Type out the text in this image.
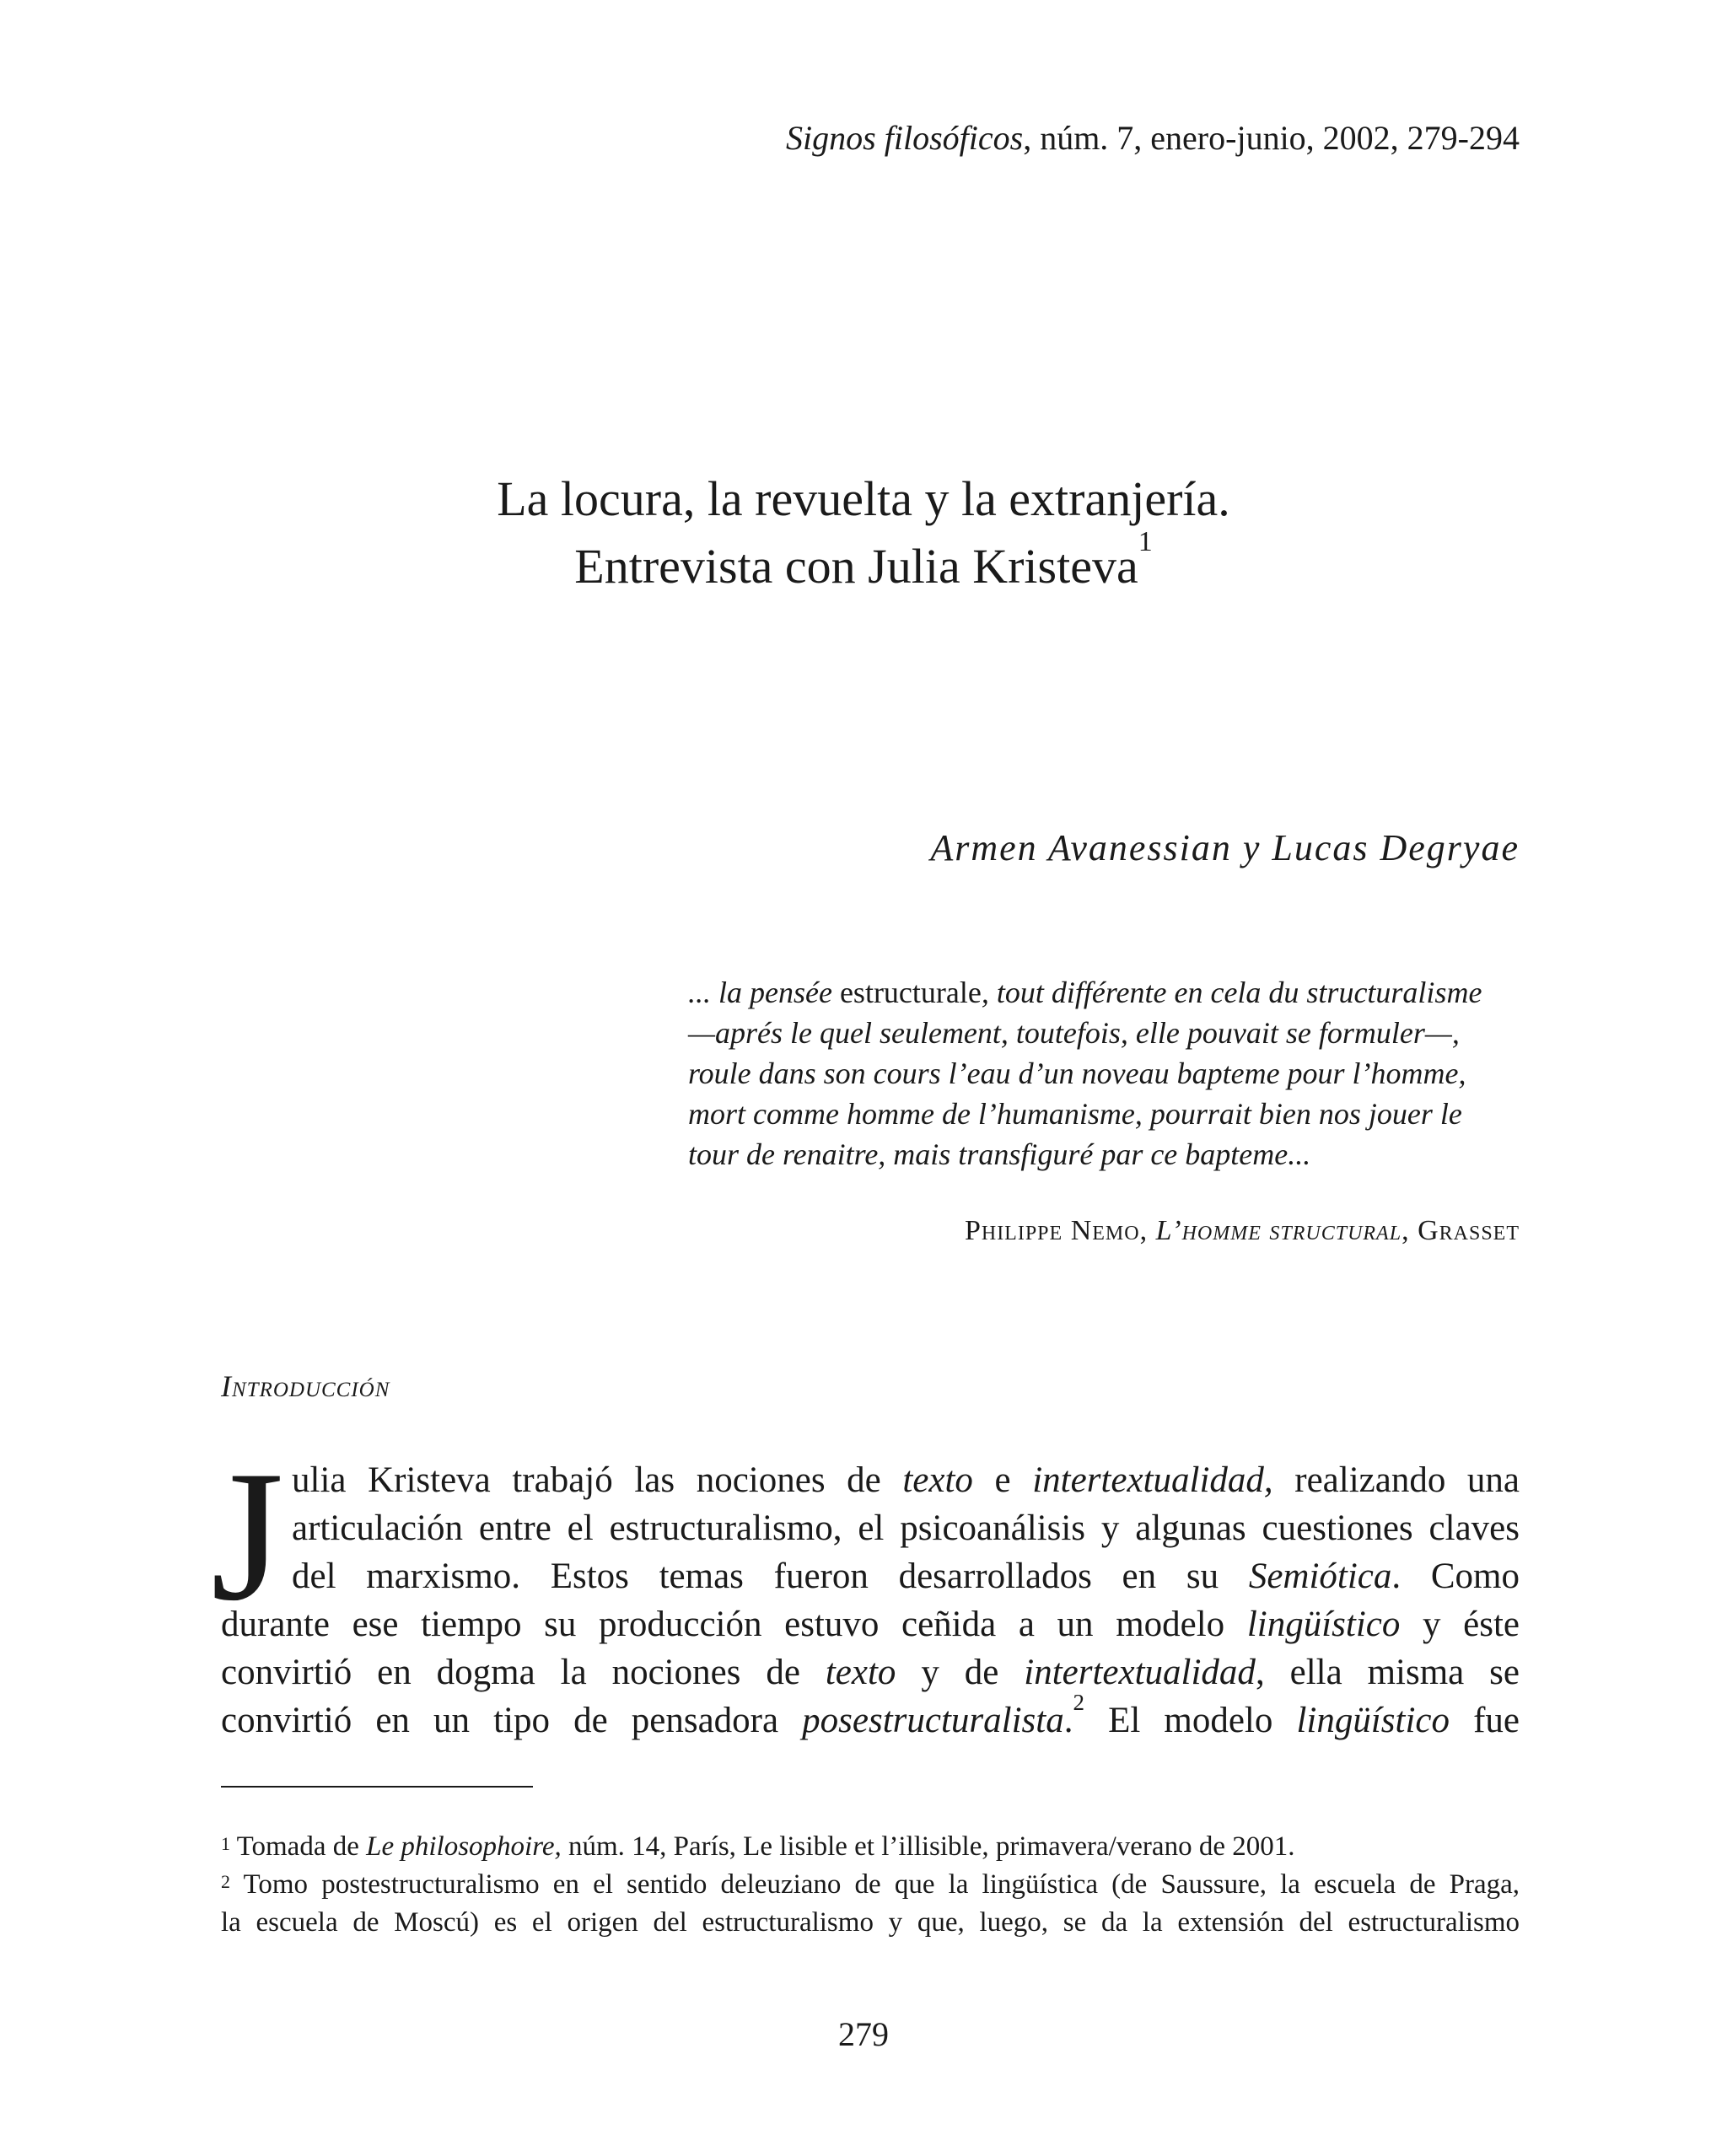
Signos filosóficos, núm. 7, enero-junio, 2002, 279-294
La locura, la revuelta y la extranjería.
Entrevista con Julia Kristeva$^1$
Armen Avanessian y Lucas Degryae
... la pensée estructurale, tout différente en cela du structuralisme
—aprés le quel seulement, toutefois, elle pouvait se formuler—,
roule dans son cours l’eau d’un noveau bapteme pour l’homme,
mort comme homme de l’humanisme, pourrait bien nos jouer le
tour de renaitre, mais transfiguré par ce bapteme...
Philippe Nemo, L’homme structural, Grasset
Introducción
J ulia Kristeva trabajó las nociones de texto e intertextualidad, realizando una
articulación entre el estructuralismo, el psicoanálisis y algunas cuestiones claves
del marxismo. Estos temas fueron desarrollados en su Semiótica. Como
durante ese tiempo su producción estuvo ceñida a un modelo lingüístico y éste
convirtió en dogma la nociones de texto y de intertextualidad, ella misma se
convirtió en un tipo de pensadora posestructuralista.$^2$ El modelo lingüístico fue
$^1$ Tomada de Le philosophoire, núm. 14, París, Le lisible et l’illisible, primavera/verano de 2001.
$^2$ Tomo postestructuralismo en el sentido deleuziano de que la lingüística (de Saussure, la escuela de Praga,
la escuela de Moscú) es el origen del estructuralismo y que, luego, se da la extensión del estructuralismo
279
